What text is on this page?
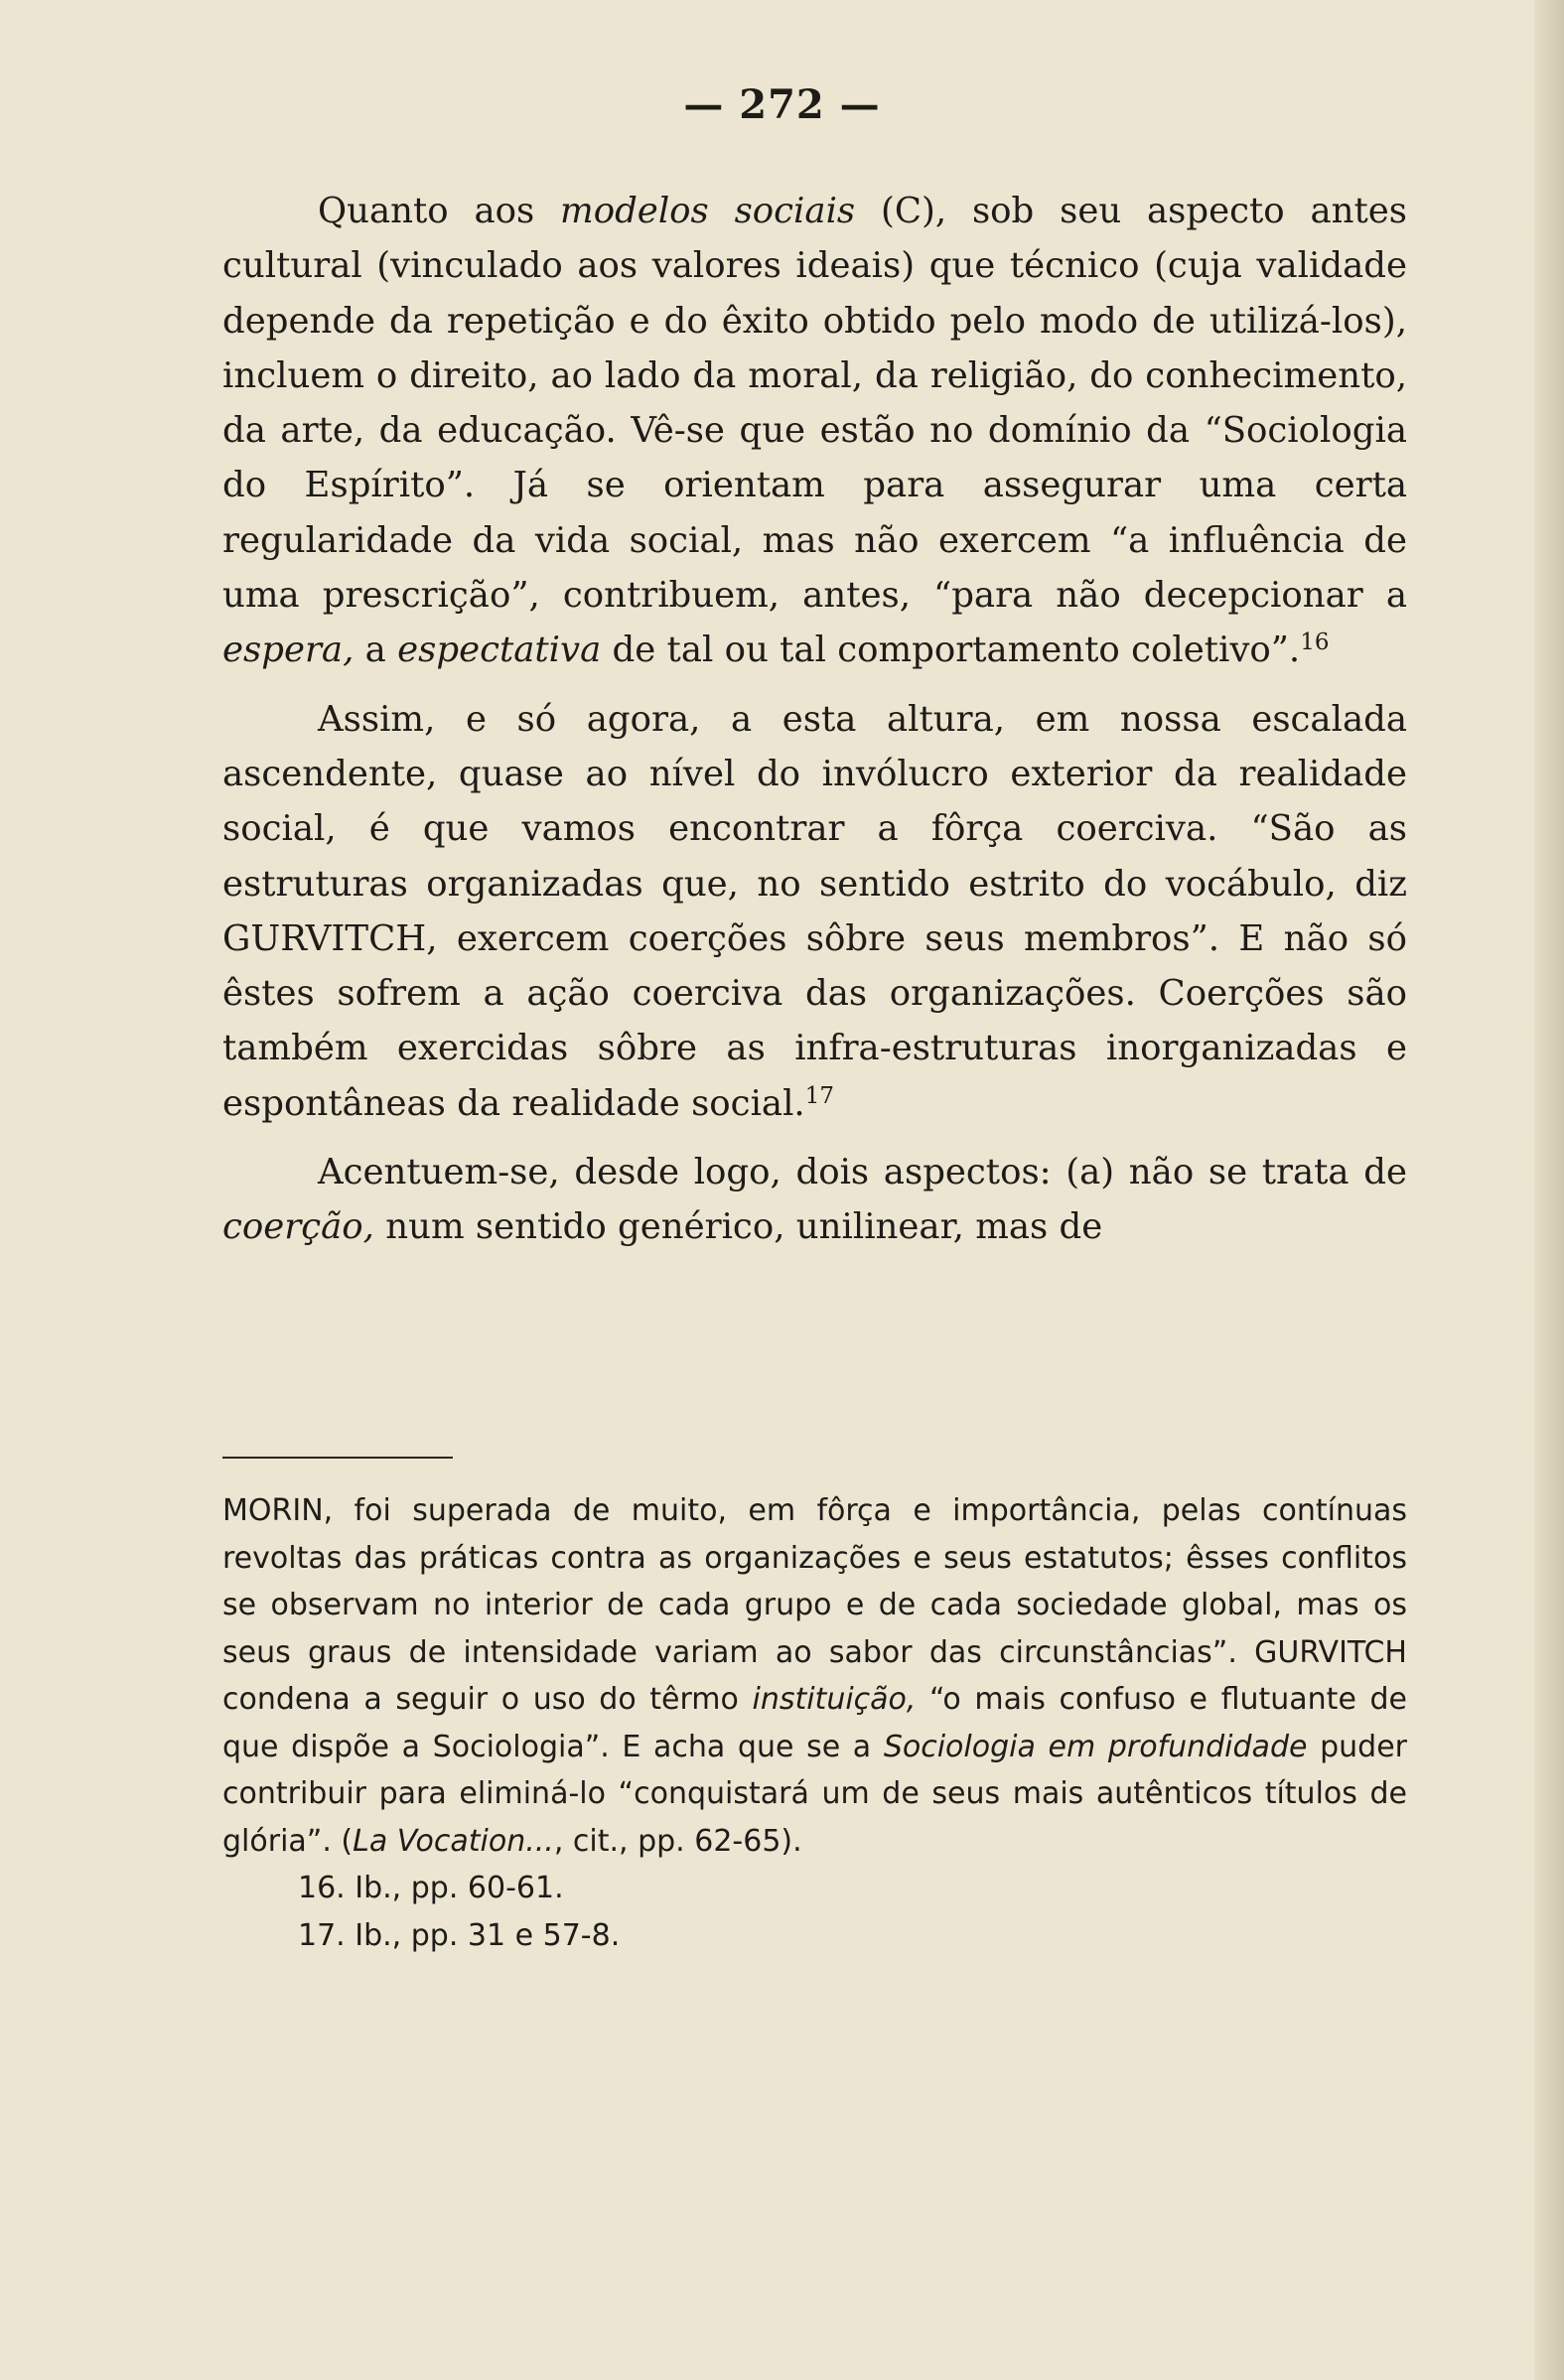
— 272 —

Quanto aos modelos sociais (C), sob seu aspecto antes cultural (vinculado aos valores ideais) que técnico (cuja validade depende da repetição e do êxito obtido pelo modo de utilizá-los), incluem o direito, ao lado da moral, da religião, do conhecimento, da arte, da educação. Vê-se que estão no domínio da “Sociologia do Espírito”. Já se orientam para assegurar uma certa regularidade da vida social, mas não exercem “a influência de uma prescrição”, contribuem, antes, “para não decepcionar a espera, a espectativa de tal ou tal comportamento coletivo”.$^{16}$

Assim, e só agora, a esta altura, em nossa escalada ascendente, quase ao nível do invólucro exterior da realidade social, é que vamos encontrar a fôrça coerciva. “São as estruturas organizadas que, no sentido estrito do vocábulo, diz GURVITCH, exercem coerções sôbre seus membros”. E não só êstes sofrem a ação coerciva das organizações. Coerções são também exercidas sôbre as infra-estruturas inorganizadas e espontâneas da realidade social.$^{17}$

Acentuem-se, desde logo, dois aspectos: (a) não se trata de coerção, num sentido genérico, unilinear, mas de

MORIN, foi superada de muito, em fôrça e importância, pelas contínuas revoltas das práticas contra as organizações e seus estatutos; êsses conflitos se observam no interior de cada grupo e de cada sociedade global, mas os seus graus de intensidade variam ao sabor das circunstâncias”. GURVITCH condena a seguir o uso do têrmo instituição, “o mais confuso e flutuante de que dispõe a Sociologia”. E acha que se a Sociologia em profundidade puder contribuir para eliminá-lo “conquistará um de seus mais autênticos títulos de glória”. (La Vocation..., cit., pp. 62-65).

16. Ib., pp. 60-61.

17. Ib., pp. 31 e 57-8.
